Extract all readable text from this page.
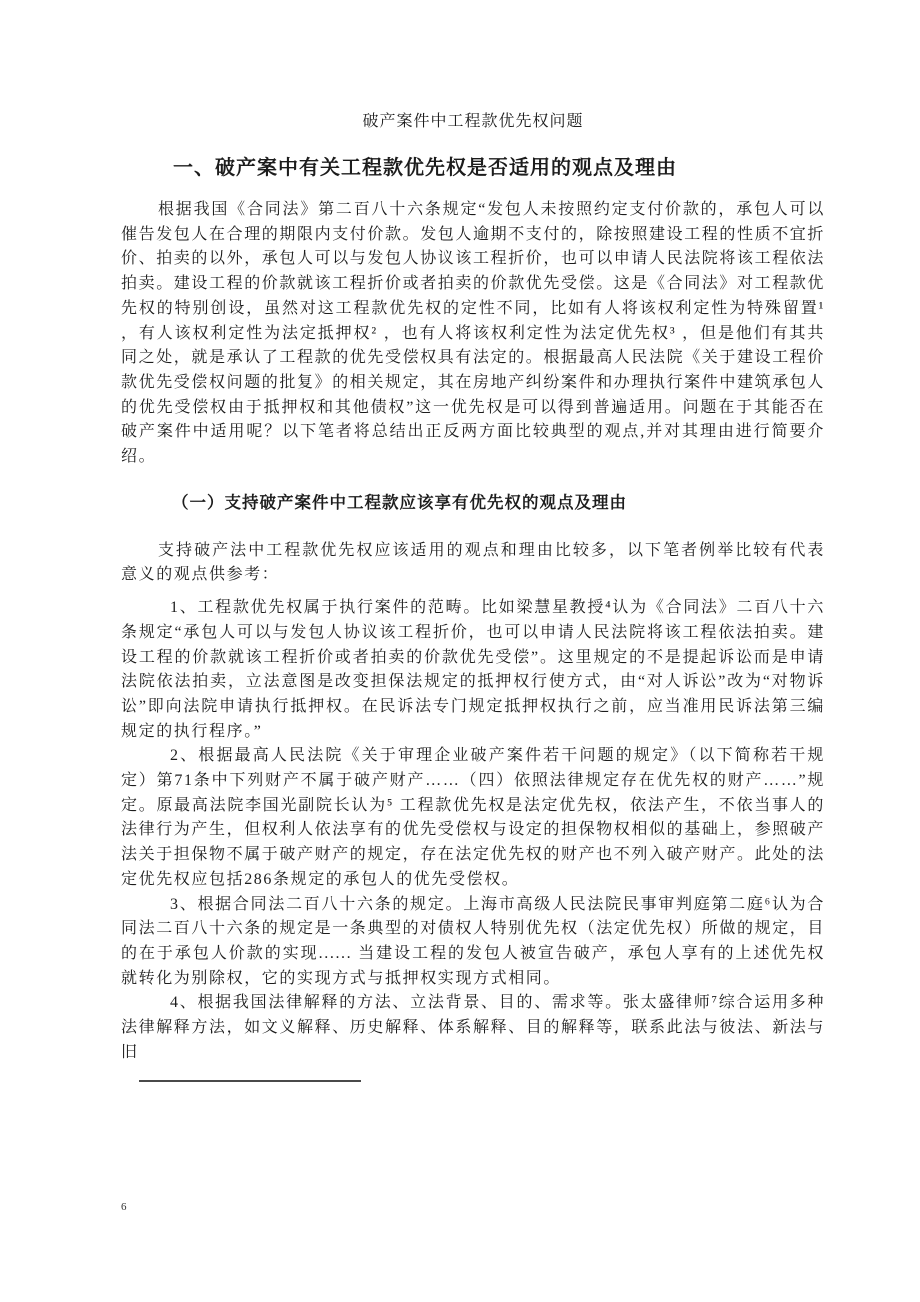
破产案件中工程款优先权问题

一、破产案中有关工程款优先权是否适用的观点及理由

根据我国《合同法》第二百八十六条规定“发包人未按照约定支付价款的，承包人可以催告发包人在合理的期限内支付价款。发包人逾期不支付的，除按照建设工程的性质不宜折价、拍卖的以外，承包人可以与发包人协议该工程折价，也可以申请人民法院将该工程依法拍卖。建设工程的价款就该工程折价或者拍卖的价款优先受偿。这是《合同法》对工程款优先权的特别创设，虽然对这工程款优先权的定性不同，比如有人将该权利定性为特殊留置¹ ，有人该权利定性为法定抵押权² ，也有人将该权利定性为法定优先权³ ，但是他们有其共同之处，就是承认了工程款的优先受偿权具有法定的。根据最高人民法院《关于建设工程价款优先受偿权问题的批复》的相关规定，其在房地产纠纷案件和办理执行案件中建筑承包人的优先受偿权由于抵押权和其他债权”这一优先权是可以得到普遍适用。问题在于其能否在破产案件中适用呢？以下笔者将总结出正反两方面比较典型的观点,并对其理由进行简要介绍。

（一）支持破产案件中工程款应该享有优先权的观点及理由

支持破产法中工程款优先权应该适用的观点和理由比较多，以下笔者例举比较有代表意义的观点供参考：

1、工程款优先权属于执行案件的范畴。比如梁慧星教授⁴认为《合同法》二百八十六条规定“承包人可以与发包人协议该工程折价，也可以申请人民法院将该工程依法拍卖。建设工程的价款就该工程折价或者拍卖的价款优先受偿”。这里规定的不是提起诉讼而是申请法院依法拍卖，立法意图是改变担保法规定的抵押权行使方式，由“对人诉讼”改为“对物诉讼”即向法院申请执行抵押权。在民诉法专门规定抵押权执行之前，应当准用民诉法第三编规定的执行程序。”

2、根据最高人民法院《关于审理企业破产案件若干问题的规定》（以下简称若干规定）第71条中下列财产不属于破产财产……（四）依照法律规定存在优先权的财产……”规定。原最高法院李国光副院长认为⁵ 工程款优先权是法定优先权，依法产生，不依当事人的法律行为产生，但权利人依法享有的优先受偿权与设定的担保物权相似的基础上，参照破产法关于担保物不属于破产财产的规定，存在法定优先权的财产也不列入破产财产。此处的法定优先权应包括286条规定的承包人的优先受偿权。

3、根据合同法二百八十六条的规定。上海市高级人民法院民事审判庭第二庭⁶认为合同法二百八十六条的规定是一条典型的对债权人特别优先权（法定优先权）所做的规定，目的在于承包人价款的实现...... 当建设工程的发包人被宣告破产，承包人享有的上述优先权就转化为别除权，它的实现方式与抵押权实现方式相同。

4、根据我国法律解释的方法、立法背景、目的、需求等。张太盛律师⁷综合运用多种法律解释方法，如文义解释、历史解释、体系解释、目的解释等，联系此法与彼法、新法与旧

6
